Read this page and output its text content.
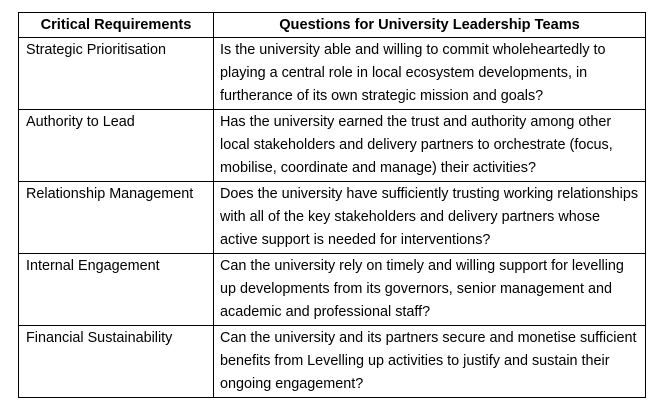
Critical Requirements	Questions for University Leadership Teams
Strategic Prioritisation	Is the university able and willing to commit wholeheartedly to playing a central role in local ecosystem developments, in furtherance of its own strategic mission and goals?
Authority to Lead	Has the university earned the trust and authority among other local stakeholders and delivery partners to orchestrate (focus, mobilise, coordinate and manage) their activities?
Relationship Management	Does the university have sufficiently trusting working relationships with all of the key stakeholders and delivery partners whose active support is needed for interventions?
Internal Engagement	Can the university rely on timely and willing support for levelling up developments from its governors, senior management and academic and professional staff?
Financial Sustainability	Can the university and its partners secure and monetise sufficient benefits from Levelling up activities to justify and sustain their ongoing engagement?
